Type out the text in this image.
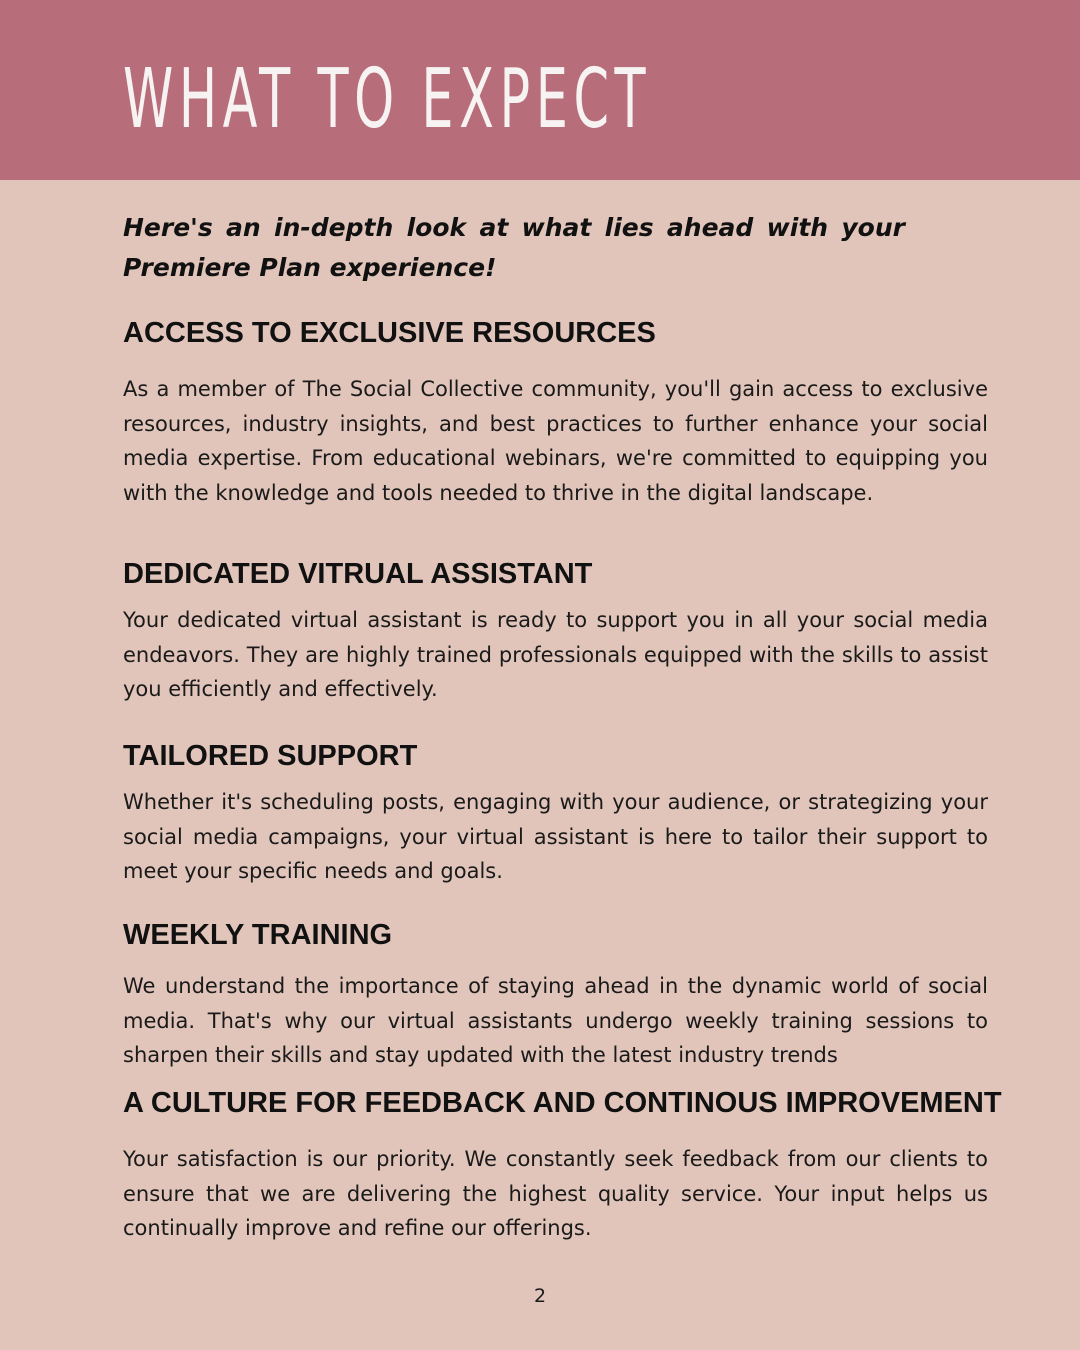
WHAT TO EXPECT

Here's an in-depth look at what lies ahead with your Premiere Plan experience!

ACCESS TO EXCLUSIVE RESOURCES

As a member of The Social Collective community, you'll gain access to exclusive resources, industry insights, and best practices to further enhance your social media expertise. From educational webinars, we're committed to equipping you with the knowledge and tools needed to thrive in the digital landscape.

DEDICATED VITRUAL ASSISTANT

Your dedicated virtual assistant is ready to support you in all your social media endeavors. They are highly trained professionals equipped with the skills to assist you efficiently and effectively.

TAILORED SUPPORT

Whether it's scheduling posts, engaging with your audience, or strategizing your social media campaigns, your virtual assistant is here to tailor their support to meet your specific needs and goals.

WEEKLY TRAINING

We understand the importance of staying ahead in the dynamic world of social media. That's why our virtual assistants undergo weekly training sessions to sharpen their skills and stay updated with the latest industry trends

A CULTURE FOR FEEDBACK AND CONTINOUS IMPROVEMENT

Your satisfaction is our priority. We constantly seek feedback from our clients to ensure that we are delivering the highest quality service. Your input helps us continually improve and refine our offerings.

2
